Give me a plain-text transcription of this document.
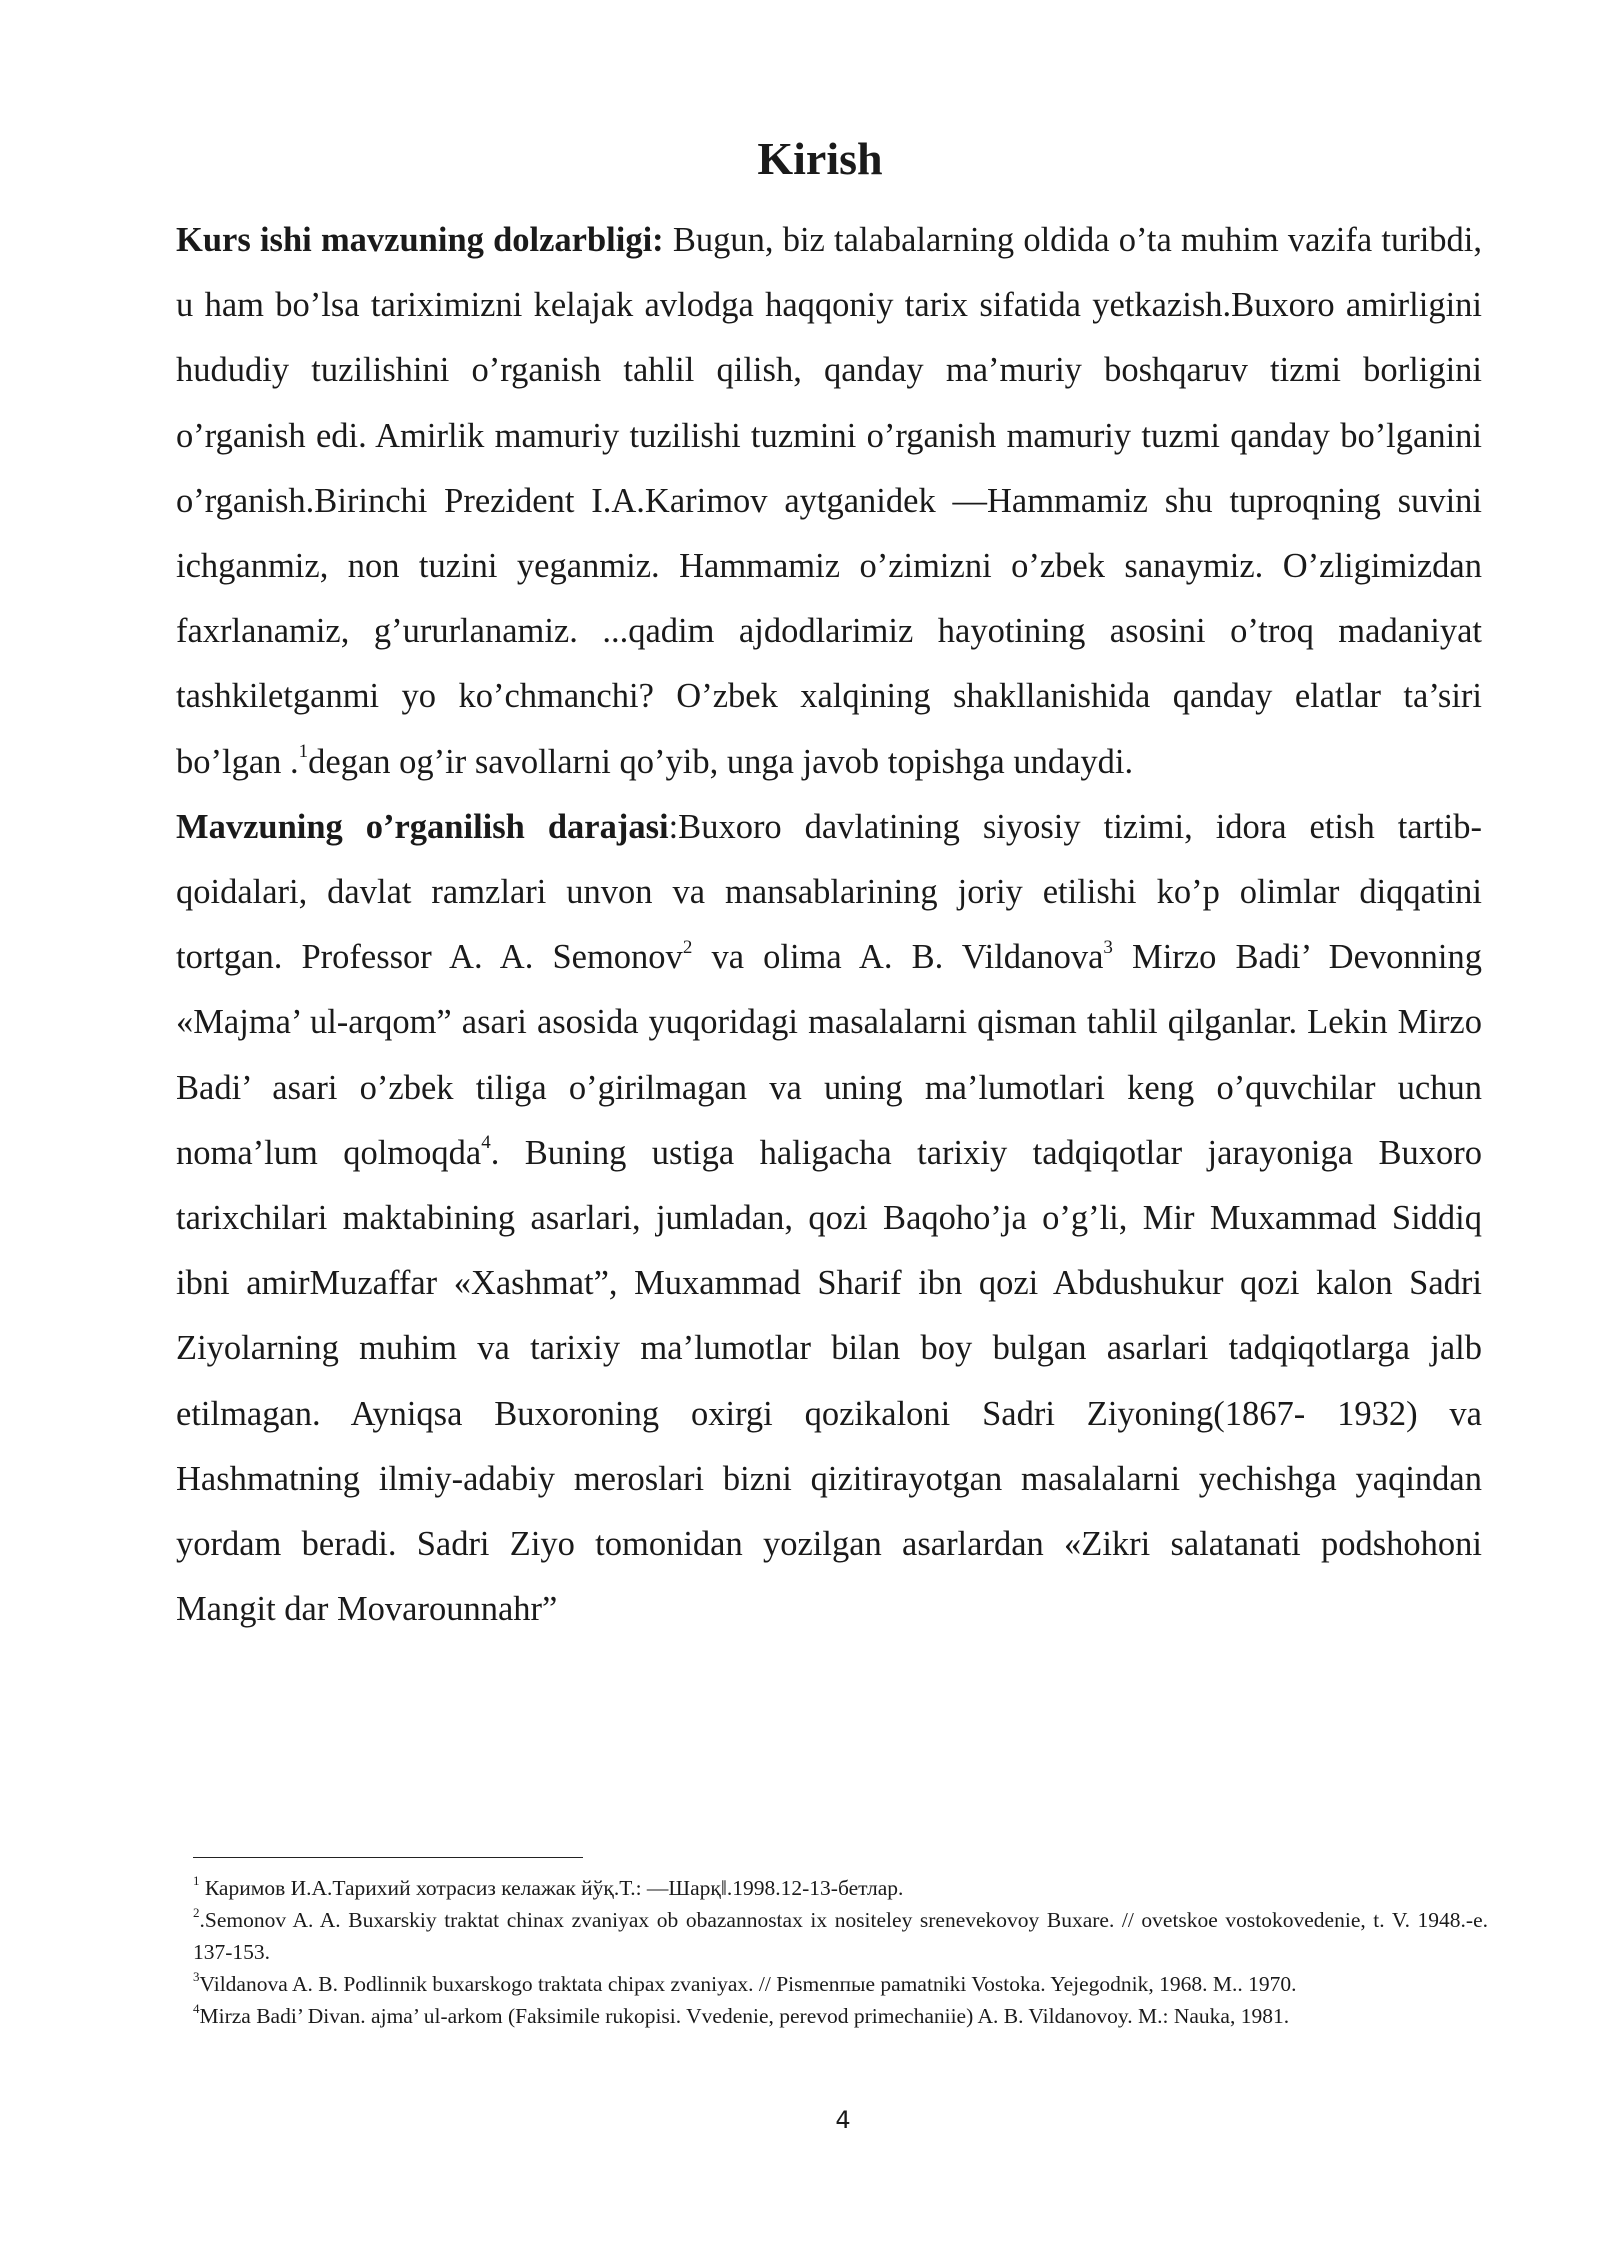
Kirish

Kurs ishi mavzuning dolzarbligi: Bugun, biz talabalarning oldida o’ta muhim vazifa turibdi, u ham bo’lsa tariximizni kelajak avlodga haqqoniy tarix sifatida yetkazish.Buxoro amirligini hududiy tuzilishini o’rganish tahlil qilish, qanday ma’muriy boshqaruv tizmi borligini o’rganish edi. Amirlik mamuriy tuzilishi tuzmini o’rganish mamuriy tuzmi qanday bo’lganini o’rganish.Birinchi Prezident I.A.Karimov aytganidek ―Hammamiz shu tuproqning suvini ichganmiz, non tuzini yeganmiz. Hammamiz o’zimizni o’zbek sanaymiz. O’zligimizdan faxrlanamiz, g’ururlanamiz. ...qadim ajdodlarimiz hayotining asosini o’troq madaniyat tashkiletganmi yo ko’chmanchi? O’zbek xalqining shakllanishida qanday elatlar ta’siri bo’lgan .$^1$degan og’ir savollarni qo’yib, unga javob topishga undaydi.

Mavzuning o’rganilish darajasi:Buxoro davlatining siyosiy tizimi, idora etish tartib-qoidalari, davlat ramzlari unvon va mansablarining joriy etilishi ko’p olimlar diqqatini tortgan. Professor A. A. Semonov$^2$ va olima A. B. Vildanova$^3$ Mirzo Badi’ Devonning «Majma’ ul-arqom” asari asosida yuqoridagi masalalarni qisman tahlil qilganlar. Lekin Mirzo Badi’ asari o’zbek tiliga o’girilmagan va uning ma’lumotlari keng o’quvchilar uchun noma’lum qolmoqda$^4$. Buning ustiga haligacha tarixiy tadqiqotlar jarayoniga Buxoro tarixchilari maktabining asarlari, jumladan, qozi Baqoho’ja o’g’li, Mir Muxammad Siddiq ibni amirMuzaffar «Xashmat”, Muxammad Sharif ibn qozi Abdushukur qozi kalon Sadri Ziyolarning muhim va tarixiy ma’lumotlar bilan boy bulgan asarlari tadqiqotlarga jalb etilmagan. Ayniqsa Buxoroning oxirgi qozikaloni Sadri Ziyoning(1867- 1932) va Hashmatning ilmiy-adabiy meroslari bizni qizitirayotgan masalalarni yechishga yaqindan yordam beradi. Sadri Ziyo tomonidan yozilgan asarlardan «Zikri salatanati podshohoni Mangit dar Movarounnahr”

$^1$ Каримов И.А.Тарихий хотрасиз келажак йўқ.Т.: ―Шарқ‖.1998.12-13-бетлар.

$^2$.Semonov A. A. Buxarskiy traktat chinax zvaniyax ob obazannostax ix nositeley srenevekovoy Buxare. // ovetskoe vostokovedenie, t. V. 1948.-e. 137-153.

$^3$Vildanova A. B. Podlinnik buxarskogo traktata chipax zvaniyax. // Pismenпые pamatniki Vostoka. Yejegodnik, 1968. M.. 1970.

$^4$Mirza Badi’ Divan. ajma’ ul-arkom (Faksimile rukopisi. Vvedenie, perevod primechaniie) A. B. Vildanovoy. M.: Nauka, 1981.

4
